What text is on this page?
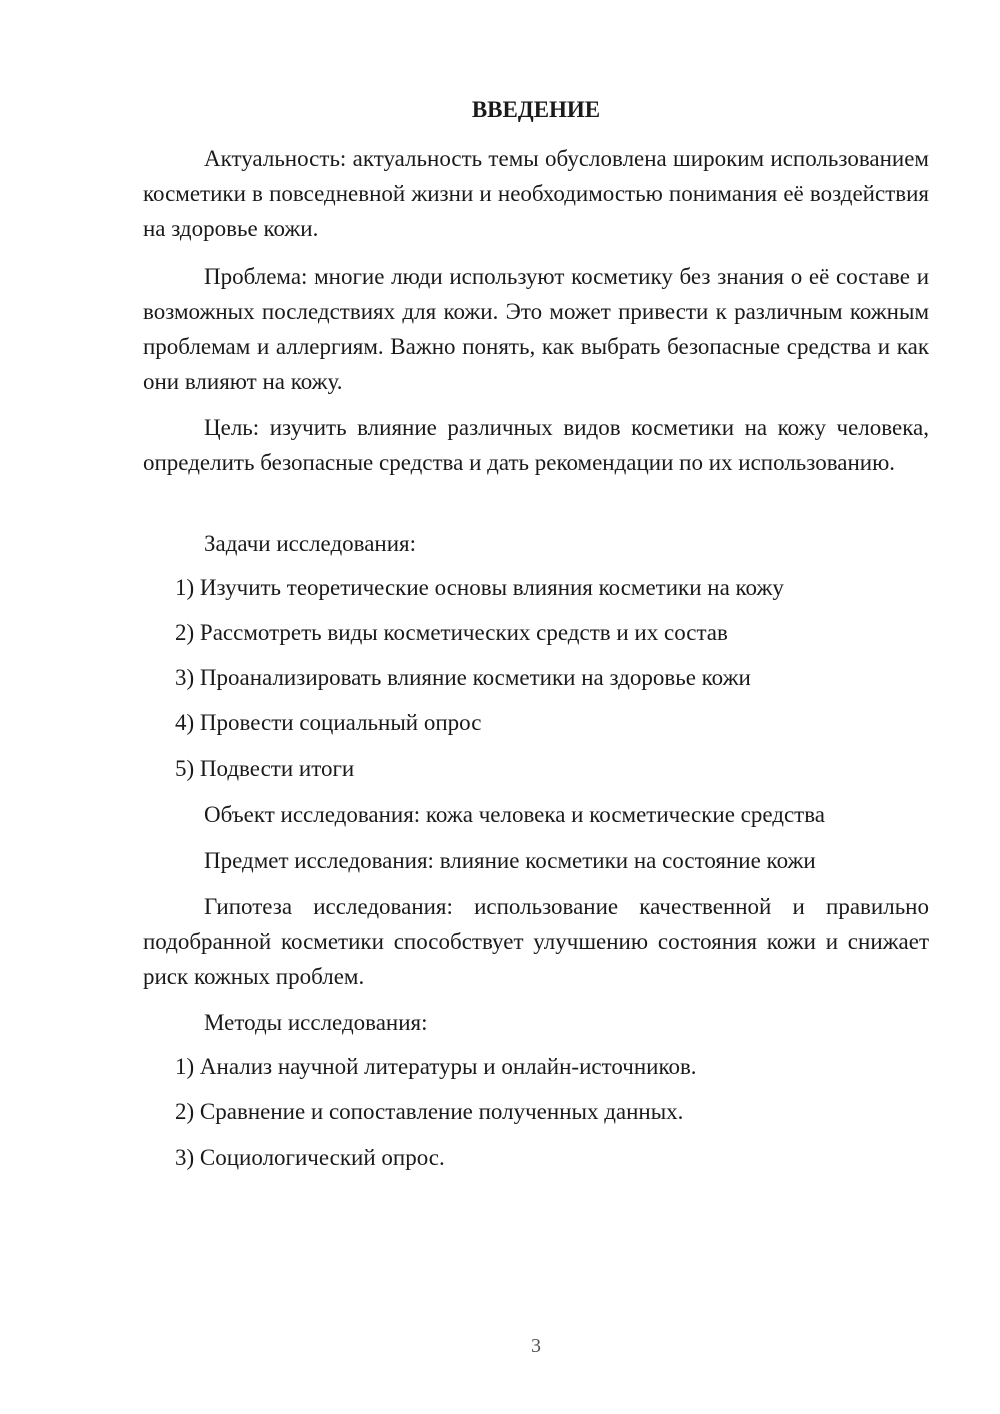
ВВЕДЕНИЕ
Актуальность: актуальность темы обусловлена широким использованием косметики в повседневной жизни и необходимостью понимания её воздействия на здоровье кожи.
Проблема: многие люди используют косметику без знания о её составе и возможных последствиях для кожи. Это может привести к различным кожным проблемам и аллергиям. Важно понять, как выбрать безопасные средства и как они влияют на кожу.
Цель: изучить влияние различных видов косметики на кожу человека, определить безопасные средства и дать рекомендации по их использованию.
Задачи исследования:
1) Изучить теоретические основы влияния косметики на кожу
2) Рассмотреть виды косметических средств и их состав
3) Проанализировать влияние косметики на здоровье кожи
4) Провести социальный опрос
5) Подвести итоги
Объект исследования: кожа человека и косметические средства
Предмет исследования: влияние косметики на состояние кожи
Гипотеза исследования: использование качественной и правильно подобранной косметики способствует улучшению состояния кожи и снижает риск кожных проблем.
Методы исследования:
1) Анализ научной литературы и онлайн-источников.
2) Сравнение и сопоставление полученных данных.
3) Социологический опрос.
3
